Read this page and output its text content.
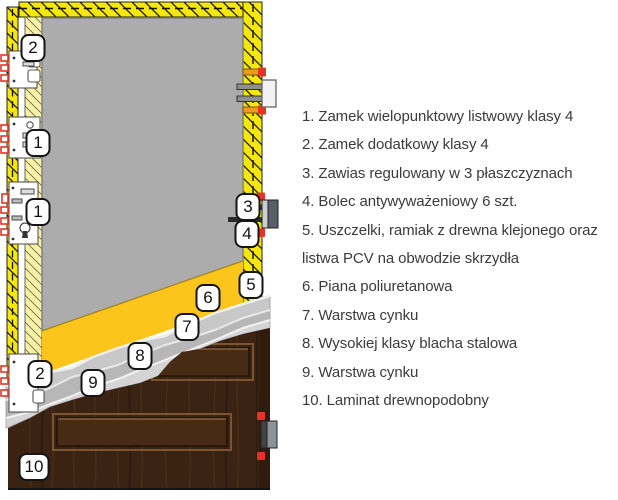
2
1
1
2
3
4
5
6
7
8
9
10
1. Zamek wielopunktowy listwowy klasy 4
2. Zamek dodatkowy klasy 4
3. Zawias regulowany w 3 płaszczyznach
4. Bolec antywyważeniowy 6 szt.
5. Uszczelki, ramiak z drewna klejonego oraz
listwa PCV na obwodzie skrzydła
6. Piana poliuretanowa
7. Warstwa cynku
8. Wysokiej klasy blacha stalowa
9. Warstwa cynku
10. Laminat drewnopodobny
